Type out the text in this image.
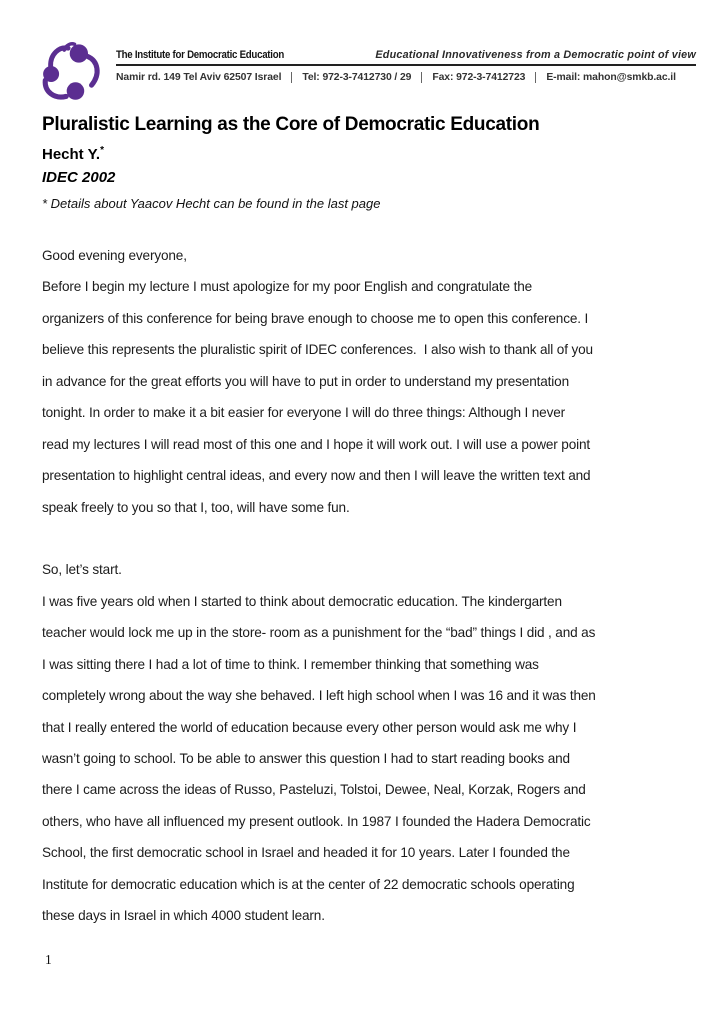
The Institute for Democratic Education	Educational Innovativeness from a Democratic point of view
Namir rd. 149 Tel Aviv 62507 Israel Tel: 972-3-7412730 / 29 Fax: 972-3-7412723 E-mail: mahon@smkb.ac.il
Pluralistic Learning as the Core of Democratic Education
Hecht Y.*
IDEC 2002
* Details about Yaacov Hecht can be found in the last page
Good evening everyone,
Before I begin my lecture I must apologize for my poor English and congratulate the
organizers of this conference for being brave enough to choose me to open this conference. I
believe this represents the pluralistic spirit of IDEC conferences.  I also wish to thank all of you
in advance for the great efforts you will have to put in order to understand my presentation
tonight. In order to make it a bit easier for everyone I will do three things: Although I never
read my lectures I will read most of this one and I hope it will work out. I will use a power point
presentation to highlight central ideas, and every now and then I will leave the written text and
speak freely to you so that I, too, will have some fun.

So, let’s start.
I was five years old when I started to think about democratic education. The kindergarten
teacher would lock me up in the store- room as a punishment for the “bad” things I did , and as
I was sitting there I had a lot of time to think. I remember thinking that something was
completely wrong about the way she behaved. I left high school when I was 16 and it was then
that I really entered the world of education because every other person would ask me why I
wasn’t going to school. To be able to answer this question I had to start reading books and
there I came across the ideas of Russo, Pasteluzi, Tolstoi, Dewee, Neal, Korzak, Rogers and
others, who have all influenced my present outlook. In 1987 I founded the Hadera Democratic
School, the first democratic school in Israel and headed it for 10 years. Later I founded the
Institute for democratic education which is at the center of 22 democratic schools operating
these days in Israel in which 4000 student learn.
1
